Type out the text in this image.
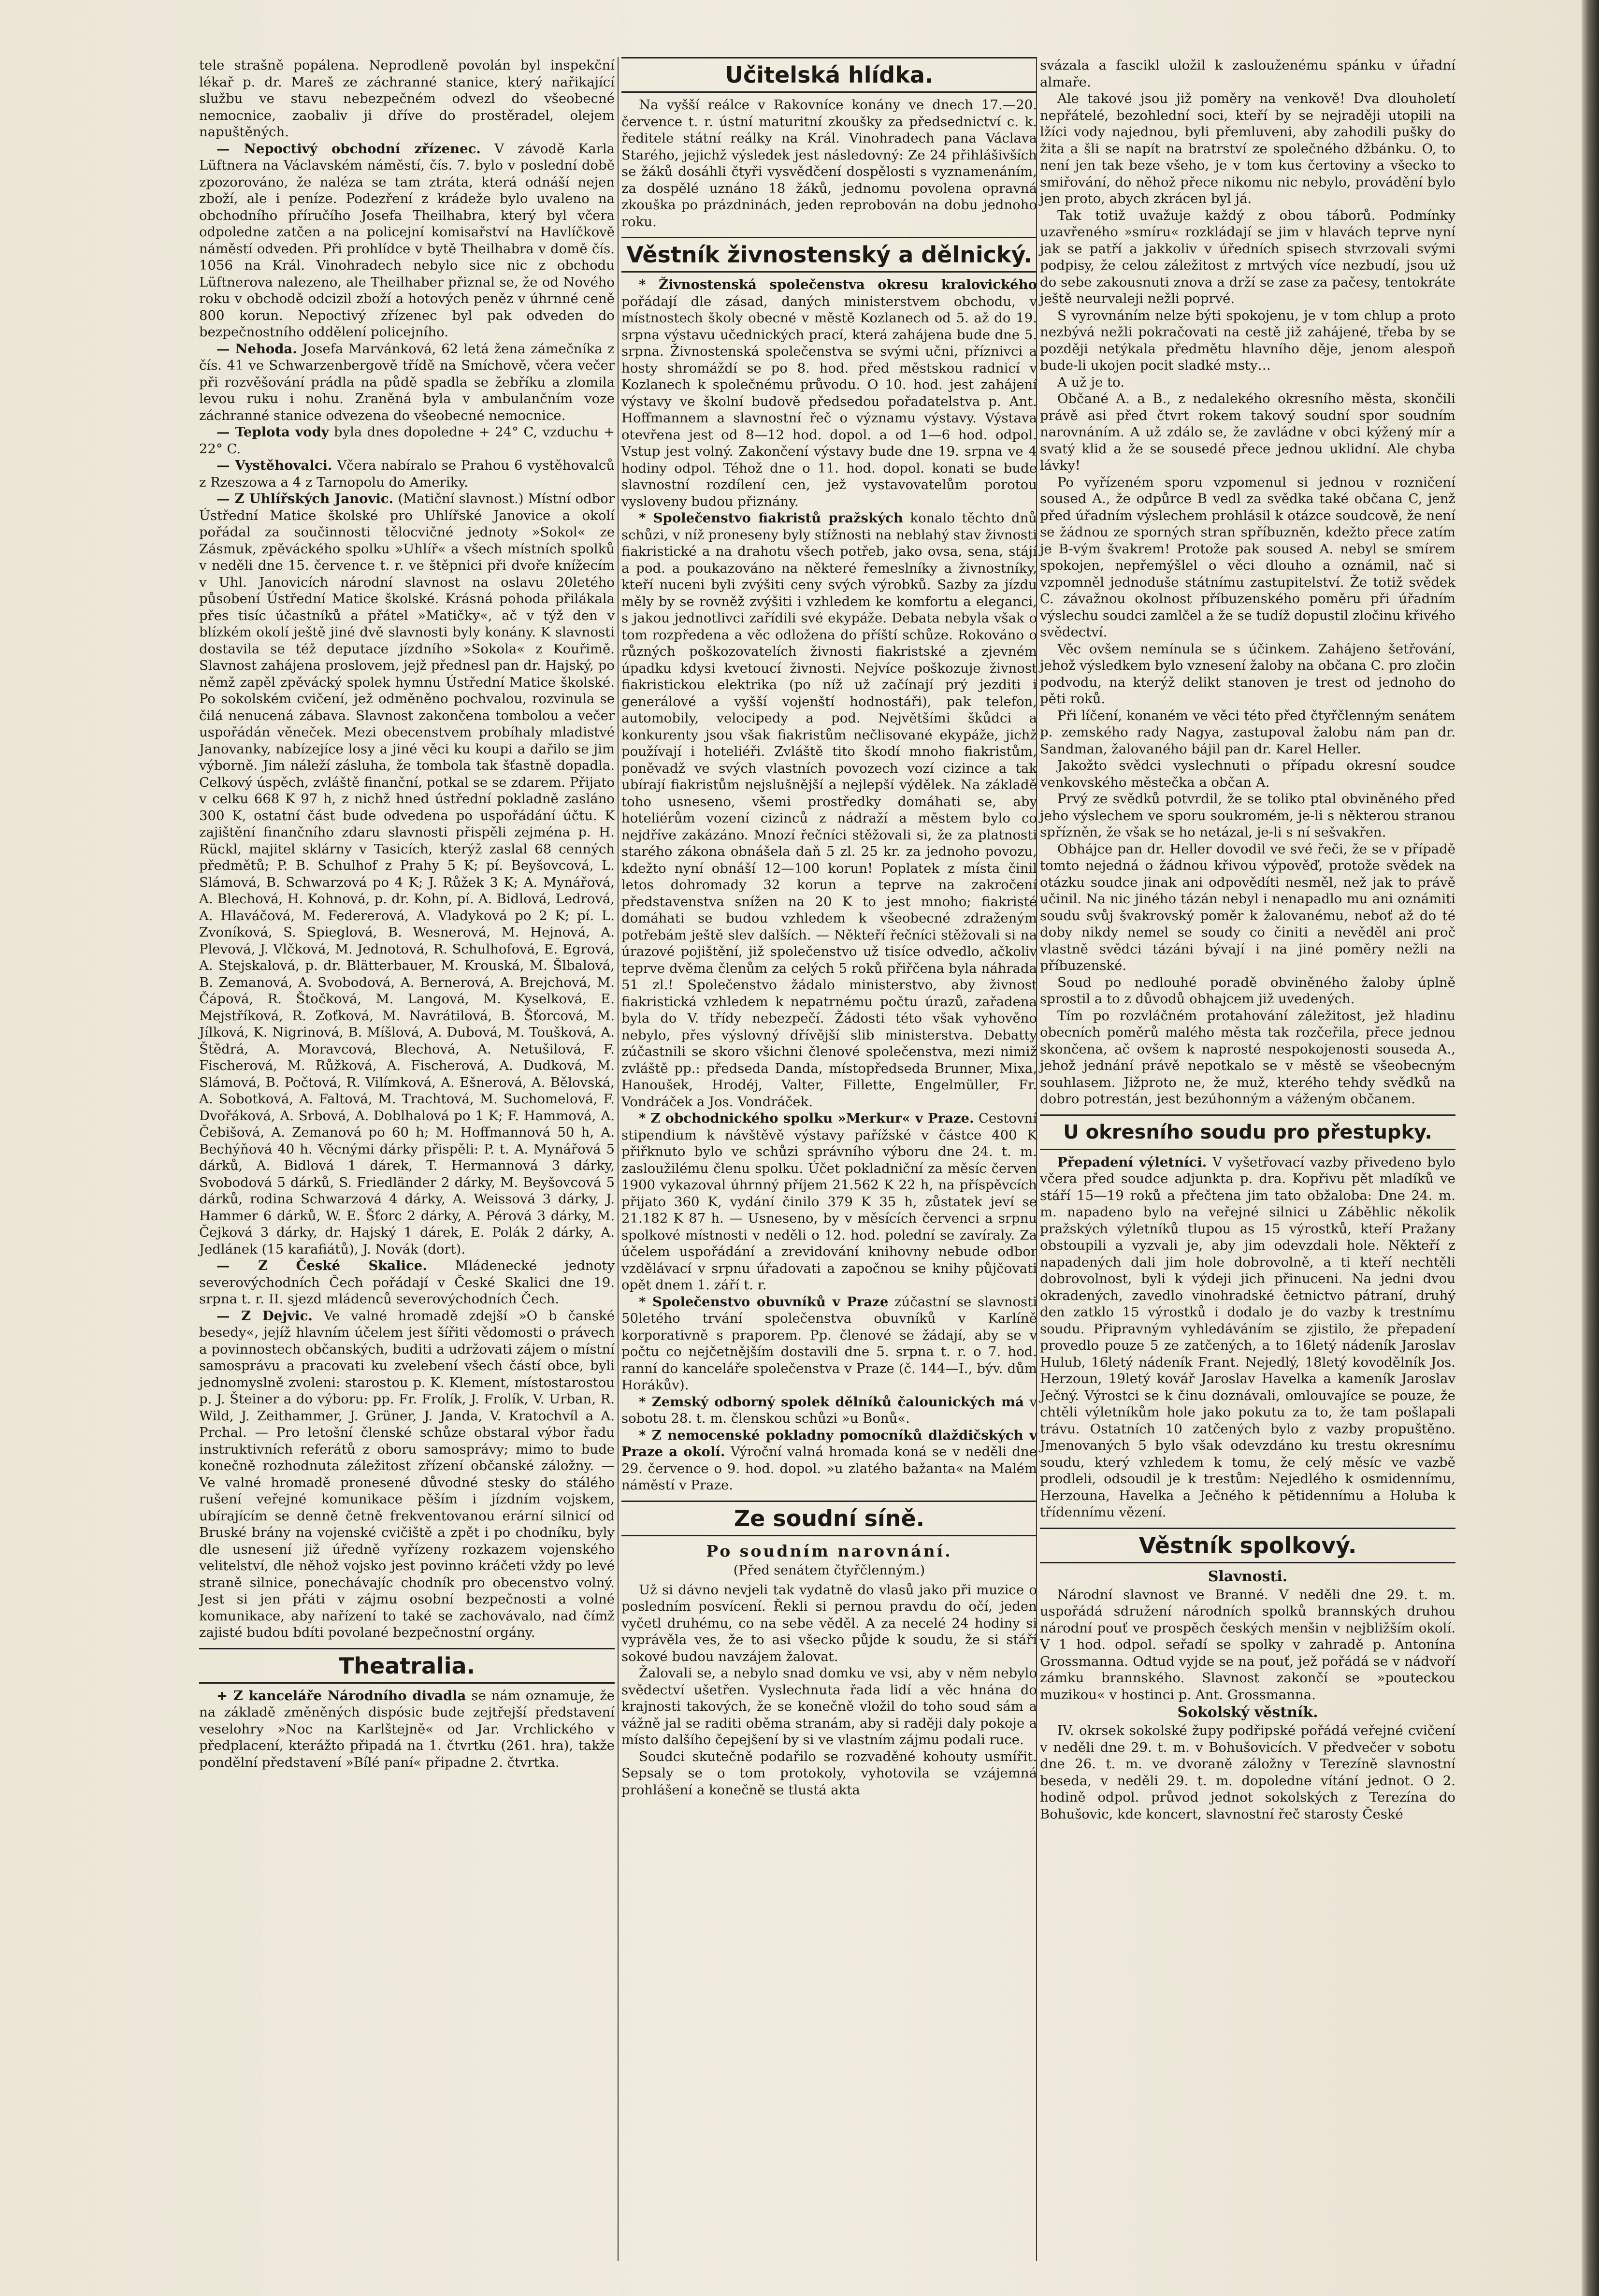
tele strašně popálena. Neprodleně povolán byl inspekční lékař p. dr. Mareš ze záchranné stanice, který nařikající službu ve stavu nebezpečném odvezl do všeobecné nemocnice, zaobaliv ji dříve do prostěradel, olejem napuštěných.

— Nepoctivý obchodní zřízenec. V závodě Karla Lüftnera na Václavském náměstí, čís. 7. bylo v poslední době zpozorováno, že naléza se tam ztráta, která odnáší nejen zboží, ale i peníze. Podezření z krádeže bylo uvaleno na obchodního příručího Josefa Theilhabra, který byl včera odpoledne zatčen a na policejní komisařství na Havlíčkově náměstí odveden. Při prohlídce v bytě Theilhabra v domě čís. 1056 na Král. Vinohradech nebylo sice nic z obchodu Lüftnerova nalezeno, ale Theilhaber přiznal se, že od Nového roku v obchodě odcizil zboží a hotových peněz v úhrnné ceně 800 korun. Nepoctivý zřízenec byl pak odveden do bezpečnostního oddělení policejního.

— Nehoda. Josefa Marvánková, 62 letá žena zámečníka z čís. 41 ve Schwarzenbergově třídě na Smíchově, včera večer při rozvěšování prádla na půdě spadla se žebříku a zlomila levou ruku i nohu. Zraněná byla v ambulančním voze záchranné stanice odvezena do všeobecné nemocnice.

— Teplota vody byla dnes dopoledne + 24° C, vzduchu + 22° C.

— Vystěhovalci. Včera nabíralo se Prahou 6 vystěhovalců z Rzeszowa a 4 z Tarnopolu do Ameriky.

— Z Uhlířských Janovic. (Matiční slavnost.) Místní odbor Ústřední Matice školské pro Uhlířské Janovice a okolí pořádal za součinnosti tělocvičné jednoty »Sokol« ze Zásmuk, zpěváckého spolku »Uhlíř« a všech místních spolků v neděli dne 15. července t. r. ve štěpnici při dvoře knížecím v Uhl. Janovicích národní slavnost na oslavu 20letého působení Ústřední Matice školské. Krásná pohoda přilákala přes tisíc účastníků a přátel »Matičky«, ač v týž den v blízkém okolí ještě jiné dvě slavnosti byly konány. K slavnosti dostavila se též deputace jízdního »Sokola« z Kouřimě. Slavnost zahájena proslovem, jejž přednesl pan dr. Hajský, po němž zapěl zpěvácký spolek hymnu Ústřední Matice školské. Po sokolském cvičení, jež odměněno pochvalou, rozvinula se čilá nenucená zábava. Slavnost zakončena tombolou a večer uspořádán věneček. Mezi obecenstvem probíhaly mladistvé Janovanky, nabízejíce losy a jiné věci ku koupi a dařilo se jim výborně. Jim náleží zásluha, že tombola tak šťastně dopadla. Celkový úspěch, zvláště finanční, potkal se se zdarem. Přijato v celku 668 K 97 h, z nichž hned ústřední pokladně zasláno 300 K, ostatní část bude odvedena po uspořádání účtu. K zajištění finančního zdaru slavnosti přispěli zejména p. H. Rückl, majitel sklárny v Tasicích, kterýž zaslal 68 cenných předmětů; P. B. Schulhof z Prahy 5 K; pí. Beyšovcová, L. Slámová, B. Schwarzová po 4 K; J. Růžek 3 K; A. Mynářová, A. Blechová, H. Kohnová, p. dr. Kohn, pí. A. Bidlová, Ledrová, A. Hlaváčová, M. Federerová, A. Vladyková po 2 K; pí. L. Zvoníková, S. Spieglová, B. Wesnerová, M. Hejnová, A. Plevová, J. Vlčková, M. Jednotová, R. Schulhofová, E. Egrová, A. Stejskalová, p. dr. Blätterbauer, M. Krouská, M. Šlbalová, B. Zemanová, A. Svobodová, A. Bernerová, A. Brejchová, M. Čápová, R. Štočková, M. Langová, M. Kyselková, E. Mejstříková, R. Zoťková, M. Navrátilová, B. Šťorcová, M. Jílková, K. Nigrinová, B. Míšlová, A. Dubová, M. Toušková, A. Štědrá, A. Moravcová, Blechová, A. Netušilová, F. Fischerová, M. Růžková, A. Fischerová, A. Dudková, M. Slámová, B. Počtová, R. Vilímková, A. Ešnerová, A. Bělovská, A. Sobotková, A. Faltová, M. Trachtová, M. Suchomelová, F. Dvořáková, A. Srbová, A. Doblhalová po 1 K; F. Hammová, A. Čebišová, A. Zemanová po 60 h; M. Hoffmannová 50 h, A. Bechýňová 40 h. Věcnými dárky přispěli: P. t. A. Mynářová 5 dárků, A. Bidlová 1 dárek, T. Hermannová 3 dárky, Svobodová 5 dárků, S. Friedländer 2 dárky, M. Beyšovcová 5 dárků, rodina Schwarzová 4 dárky, A. Weissová 3 dárky, J. Hammer 6 dárků, W. E. Šťorc 2 dárky, A. Pérová 3 dárky, M. Čejková 3 dárky, dr. Hajský 1 dárek, E. Polák 2 dárky, A. Jedlánek (15 karafiátů), J. Novák (dort).

— Z České Skalice. Mládenecké jednoty severovýchodních Čech pořádají v České Skalici dne 19. srpna t. r. II. sjezd mládenců severovýchodních Čech.

— Z Dejvic. Ve valné hromadě zdejší »O b čanské besedy«, jejíž hlavním účelem jest šířiti vědomosti o právech a povinnostech občanských, buditi a udržovati zájem o místní samosprávu a pracovati ku zvelebení všech částí obce, byli jednomyslně zvoleni: starostou p. K. Klement, místostarostou p. J. Šteiner a do výboru: pp. Fr. Frolík, J. Frolík, V. Urban, R. Wild, J. Zeithammer, J. Grüner, J. Janda, V. Kratochvíl a A. Prchal. — Pro letošní členské schůze obstaral výbor řadu instruktivních referátů z oboru samosprávy; mimo to bude konečně rozhodnuta záležitost zřízení občanské záložny. — Ve valné hromadě pronesené důvodné stesky do stálého rušení veřejné komunikace pěším i jízdním vojskem, ubírajícím se denně četně frekventovanou erární silnicí od Bruské brány na vojenské cvičiště a zpět i po chodníku, byly dle usnesení již úředně vyřízeny rozkazem vojenského velitelství, dle něhož vojsko jest povinno kráčeti vždy po levé straně silnice, ponechávajíc chodník pro obecenstvo volný. Jest si jen přáti v zájmu osobní bezpečnosti a volné komunikace, aby nařízení to také se zachovávalo, nad čímž zajisté budou bdíti povolané bezpečnostní orgány.

Theatralia.

+ Z kanceláře Národního divadla se nám oznamuje, že na základě změněných dispósic bude zejtřejší představení veselohry »Noc na Karlštejně« od Jar. Vrchlického v předplacení, kterážto připadá na 1. čtvrtku (261. hra), takže pondělní představení »Bílé paní« připadne 2. čtvrtka.

Učitelská hlídka.

Na vyšší reálce v Rakovníce konány ve dnech 17.—20. července t. r. ústní maturitní zkoušky za předsednictví c. k. ředitele státní reálky na Král. Vinohradech pana Václava Starého, jejichž výsledek jest následovný: Ze 24 přihlášivších se žáků dosáhli čtyři vysvědčení dospělosti s vyznamenáním, za dospělé uznáno 18 žáků, jednomu povolena opravná zkouška po prázdninách, jeden reprobován na dobu jednoho roku.

Věstník živnostenský a dělnický.

* Živnostenská společenstva okresu kralovického pořádají dle zásad, daných ministerstvem obchodu, v místnostech školy obecné v městě Kozlanech od 5. až do 19. srpna výstavu učednických prací, která zahájena bude dne 5. srpna. Živnostenská společenstva se svými učni, příznivci a hosty shromáždí se po 8. hod. před městskou radnicí v Kozlanech k společnému průvodu. O 10. hod. jest zahájení výstavy ve školní budově předsedou pořadatelstva p. Ant. Hoffmannem a slavnostní řeč o významu výstavy. Výstava otevřena jest od 8—12 hod. dopol. a od 1—6 hod. odpol. Vstup jest volný. Zakončení výstavy bude dne 19. srpna ve 4 hodiny odpol. Téhož dne o 11. hod. dopol. konati se bude slavnostní rozdílení cen, jež vystavovatelům porotou vysloveny budou přiznány.

* Společenstvo fiakristů pražských konalo těchto dnů schůzi, v níž proneseny byly stížnosti na neblahý stav živnosti fiakristické a na drahotu všech potřeb, jako ovsa, sena, stájí a pod. a poukazováno na některé řemeslníky a živnostníky, kteří nuceni byli zvýšiti ceny svých výrobků. Sazby za jízdu měly by se rovněž zvýšiti i vzhledem ke komfortu a eleganci, s jakou jednotlivci zařídili své ekypáže. Debata nebyla však o tom rozpředena a věc odložena do příští schůze. Rokováno o různých poškozovatelích živnosti fiakristské a zjevném úpadku kdysi kvetoucí živnosti. Nejvíce poškozuje živnost fiakristickou elektrika (po níž už začínají prý jezditi i generálové a vyšší vojenští hodnostáři), pak telefon, automobily, velocipedy a pod. Největšími škůdci a konkurenty jsou však fiakristům nečlisované ekypáže, jichž používají i hoteliéři. Zvláště tito škodí mnoho fiakristům, poněvadž ve svých vlastních povozech vozí cizince a tak ubírají fiakristům nejslušnější a nejlepší výdělek. Na základě toho usneseno, všemi prostředky domáhati se, aby hoteliérům vození cizinců z nádraží a městem bylo co nejdříve zakázáno. Mnozí řečníci stěžovali si, že za platnosti starého zákona obnášela daň 5 zl. 25 kr. za jednoho povozu, kdežto nyní obnáší 12—100 korun! Poplatek z místa činil letos dohromady 32 korun a teprve na zakročení představenstva snížen na 20 K to jest mnoho; fiakristé domáhati se budou vzhledem k všeobecné zdraženým potřebám ještě slev dalších. — Někteří řečníci stěžovali si na úrazové pojištění, již společenstvo už tisíce odvedlo, ačkoliv teprve dvěma členům za celých 5 roků přiřčena byla náhrada 51 zl.! Společenstvo žádalo ministerstvo, aby živnost fiakristická vzhledem k nepatrnému počtu úrazů, zařadena byla do V. třídy nebezpečí. Žádosti této však vyhověno nebylo, přes výslovný dřívější slib ministerstva. Debatty zúčastnili se skoro všichni členové společenstva, mezi nimiž zvláště pp.: předseda Danda, místopředseda Brunner, Mixa, Hanoušek, Hrodéj, Valter, Fillette, Engelmüller, Fr. Vondráček a Jos. Vondráček.

* Z obchodnického spolku »Merkur« v Praze. Cestovní stipendium k návštěvě výstavy pařížské v částce 400 K přiřknuto bylo ve schůzi správního výboru dne 24. t. m. zasloužilému členu spolku. Účet pokladniční za měsíc červen 1900 vykazoval úhrnný příjem 21.562 K 22 h, na příspěvcích přijato 360 K, vydání činilo 379 K 35 h, zůstatek jeví se 21.182 K 87 h. — Usneseno, by v měsících červenci a srpnu spolkové místnosti v neděli o 12. hod. polední se zavíraly. Za účelem uspořádání a zrevidování knihovny nebude odbor vzdělávací v srpnu úřadovati a započnou se knihy půjčovati opět dnem 1. září t. r.

* Společenstvo obuvníků v Praze zúčastní se slavnosti 50letého trvání společenstva obuvníků v Karlíně korporativně s praporem. Pp. členové se žádají, aby se v počtu co nejčetnějším dostavili dne 5. srpna t. r. o 7. hod. ranní do kanceláře společenstva v Praze (č. 144—I., býv. dům Horákův).

* Zemský odborný spolek dělníků čalounických má v sobotu 28. t. m. členskou schůzi »u Bonů«.

* Z nemocenské pokladny pomocníků dlaždičských v Praze a okolí. Výroční valná hromada koná se v neděli dne 29. července o 9. hod. dopol. »u zlatého bažanta« na Malém náměstí v Praze.

Ze soudní síně.
Po soudním narovnání.
(Před senátem čtyřčlenným.)

Už si dávno nevjeli tak vydatně do vlasů jako při muzice o posledním posvícení. Řekli si pernou pravdu do očí, jeden vyčetl druhému, co na sebe věděl. A za necelé 24 hodiny si vyprávěla ves, že to asi všecko půjde k soudu, že si stáří sokové budou navzájem žalovat.

Žalovali se, a nebylo snad domku ve vsi, aby v něm nebylo svědectví ušetřen. Vyslechnuta řada lidí a věc hnána do krajnosti takových, že se konečně vložil do toho soud sám a vážně jal se raditi oběma stranám, aby si raději daly pokoje a místo dalšího čepejšení by si ve vlastním zájmu podali ruce.

Soudci skutečně podařilo se rozvaděné kohouty usmířit. Sepsaly se o tom protokoly, vyhotovila se vzájemná prohlášení a konečně se tlustá akta

svázala a fascikl uložil k zaslouženému spánku v úřadní almaře.

Ale takové jsou již poměry na venkově! Dva dlouholetí nepřátelé, bezohlední soci, kteří by se nejraději utopili na lžíci vody najednou, byli přemluveni, aby zahodili pušky do žita a šli se napít na bratrství ze společného džbánku. O, to není jen tak beze všeho, je v tom kus čertoviny a všecko to smiřování, do něhož přece nikomu nic nebylo, provádění bylo jen proto, abych zkrácen byl já.

Tak totiž uvažuje každý z obou táborů. Podmínky uzavřeného »smíru« rozkládají se jim v hlavách teprve nyní jak se patří a jakkoliv v úředních spisech stvrzovali svými podpisy, že celou záležitost z mrtvých více nezbudí, jsou už do sebe zakousnuti znova a drží se zase za pačesy, tentokráte ještě neurvaleji nežli poprvé.

S vyrovnáním nelze býti spokojenu, je v tom chlup a proto nezbývá nežli pokračovati na cestě již zahájené, třeba by se později netýkala předmětu hlavního děje, jenom alespoň bude-li ukojen pocit sladké msty…

A už je to.

Občané A. a B., z nedalekého okresního města, skončili právě asi před čtvrt rokem takový soudní spor soudním narovnáním. A už zdálo se, že zavládne v obci kýžený mír a svatý klid a že se sousedé přece jednou uklidní. Ale chyba lávky!

Po vyřízeném sporu vzpomenul si jednou v rozničení soused A., že odpůrce B vedl za svědka také občana C, jenž před úřadním výslechem prohlásil k otázce soudcově, že není se žádnou ze sporných stran spříbuzněn, kdežto přece zatím je B-vým švakrem! Protože pak soused A. nebyl se smírem spokojen, nepřemýšlel o věci dlouho a oznámil, nač si vzpomněl jednoduše státnímu zastupitelství. Že totiž svědek C. závažnou okolnost příbuzenského poměru při úřadním výslechu soudci zamlčel a že se tudíž dopustil zločinu křivého svědectví.

Věc ovšem nemínula se s účinkem. Zahájeno šetřování, jehož výsledkem bylo vznesení žaloby na občana C. pro zločin podvodu, na kterýž delikt stanoven je trest od jednoho do pěti roků.

Při líčení, konaném ve věci této před čtyřčlenným senátem p. zemského rady Nagya, zastupoval žalobu nám pan dr. Sandman, žalovaného bájil pan dr. Karel Heller.

Jakožto svědci vyslechnuti o případu okresní soudce venkovského městečka a občan A.

Prvý ze svědků potvrdil, že se toliko ptal obviněného před jeho výslechem ve sporu soukromém, je-li s některou stranou spřízněn, že však se ho netázal, je-li s ní sešvakřen.

Obhájce pan dr. Heller dovodil ve své řeči, že se v případě tomto nejedná o žádnou křivou výpověď, protože svědek na otázku soudce jinak ani odpovědíti nesměl, než jak to právě učinil. Na nic jiného tázán nebyl i nenapadlo mu ani oznámiti soudu svůj švakrovský poměr k žalovanému, neboť až do té doby nikdy nemel se soudy co činiti a nevěděl ani proč vlastně svědci tázáni bývají i na jiné poměry nežli na příbuzenské.

Soud po nedlouhé poradě obviněného žaloby úplně sprostil a to z důvodů obhajcem již uvedených.

Tím po rozvláčném protahování záležitost, jež hladinu obecních poměrů malého města tak rozčeřila, přece jednou skončena, ač ovšem k naprosté nespokojenosti souseda A., jehož jednání právě nepotkalo se v městě se všeobecným souhlasem. Jižproto ne, že muž, kterého tehdy svědků na dobro potrestán, jest bezúhonným a váženým občanem.

U okresního soudu pro přestupky.

Přepadení výletníci. V vyšetřovací vazby přivedeno bylo včera před soudce adjunkta p. dra. Kopřivu pět mladíků ve stáří 15—19 roků a přečtena jim tato obžaloba: Dne 24. m. m. napadeno bylo na veřejné silnici u Záběhlic několik pražských výletníků tlupou as 15 výrostků, kteří Pražany obstoupili a vyzvali je, aby jim odevzdali hole. Někteří z napadených dali jim hole dobrovolně, a ti kteří nechtěli dobrovolnost, byli k výdeji jich přinuceni. Na jedni dvou okradených, zavedlo vinohradské četnictvo pátraní, druhý den zatklo 15 výrostků i dodalo je do vazby k trestnímu soudu. Připravným vyhledáváním se zjistilo, že přepadení provedlo pouze 5 ze zatčených, a to 16letý nádeník Jaroslav Hulub, 16letý nádeník Frant. Nejedlý, 18letý kovodělník Jos. Herzoun, 19letý kovář Jaroslav Havelka a kameník Jaroslav Ječný. Výrostci se k činu doznávali, omlouvajíce se pouze, že chtěli výletníkům hole jako pokutu za to, že tam pošlapali trávu. Ostatních 10 zatčených bylo z vazby propuštěno. Jmenovaných 5 bylo však odevzdáno ku trestu okresnímu soudu, který vzhledem k tomu, že celý měsíc ve vazbě prodleli, odsoudil je k trestům: Nejedlého k osmidennímu, Herzouna, Havelka a Ječného k pětidennímu a Holuba k třídennímu vězení.

Věstník spolkový.
Slavnosti.

Národní slavnost ve Branné. V neděli dne 29. t. m. uspořádá sdružení národních spolků brannských druhou národní pouť ve prospěch českých menšin v nejbližším okolí. V 1 hod. odpol. seřadí se spolky v zahradě p. Antonína Grossmanna. Odtud vyjde se na pouť, jež pořádá se v nádvoří zámku brannského. Slavnost zakončí se »pouteckou muzikou« v hostinci p. Ant. Grossmanna.

Sokolský věstník.

IV. okrsek sokolské župy podřipské pořádá veřejné cvičení v neděli dne 29. t. m. v Bohušovicích. V předvečer v sobotu dne 26. t. m. ve dvoraně záložny v Terezíně slavnostní beseda, v neděli 29. t. m. dopoledne vítání jednot. O 2. hodině odpol. průvod jednot sokolských z Terezína do Bohušovic, kde koncert, slavnostní řeč starosty České
